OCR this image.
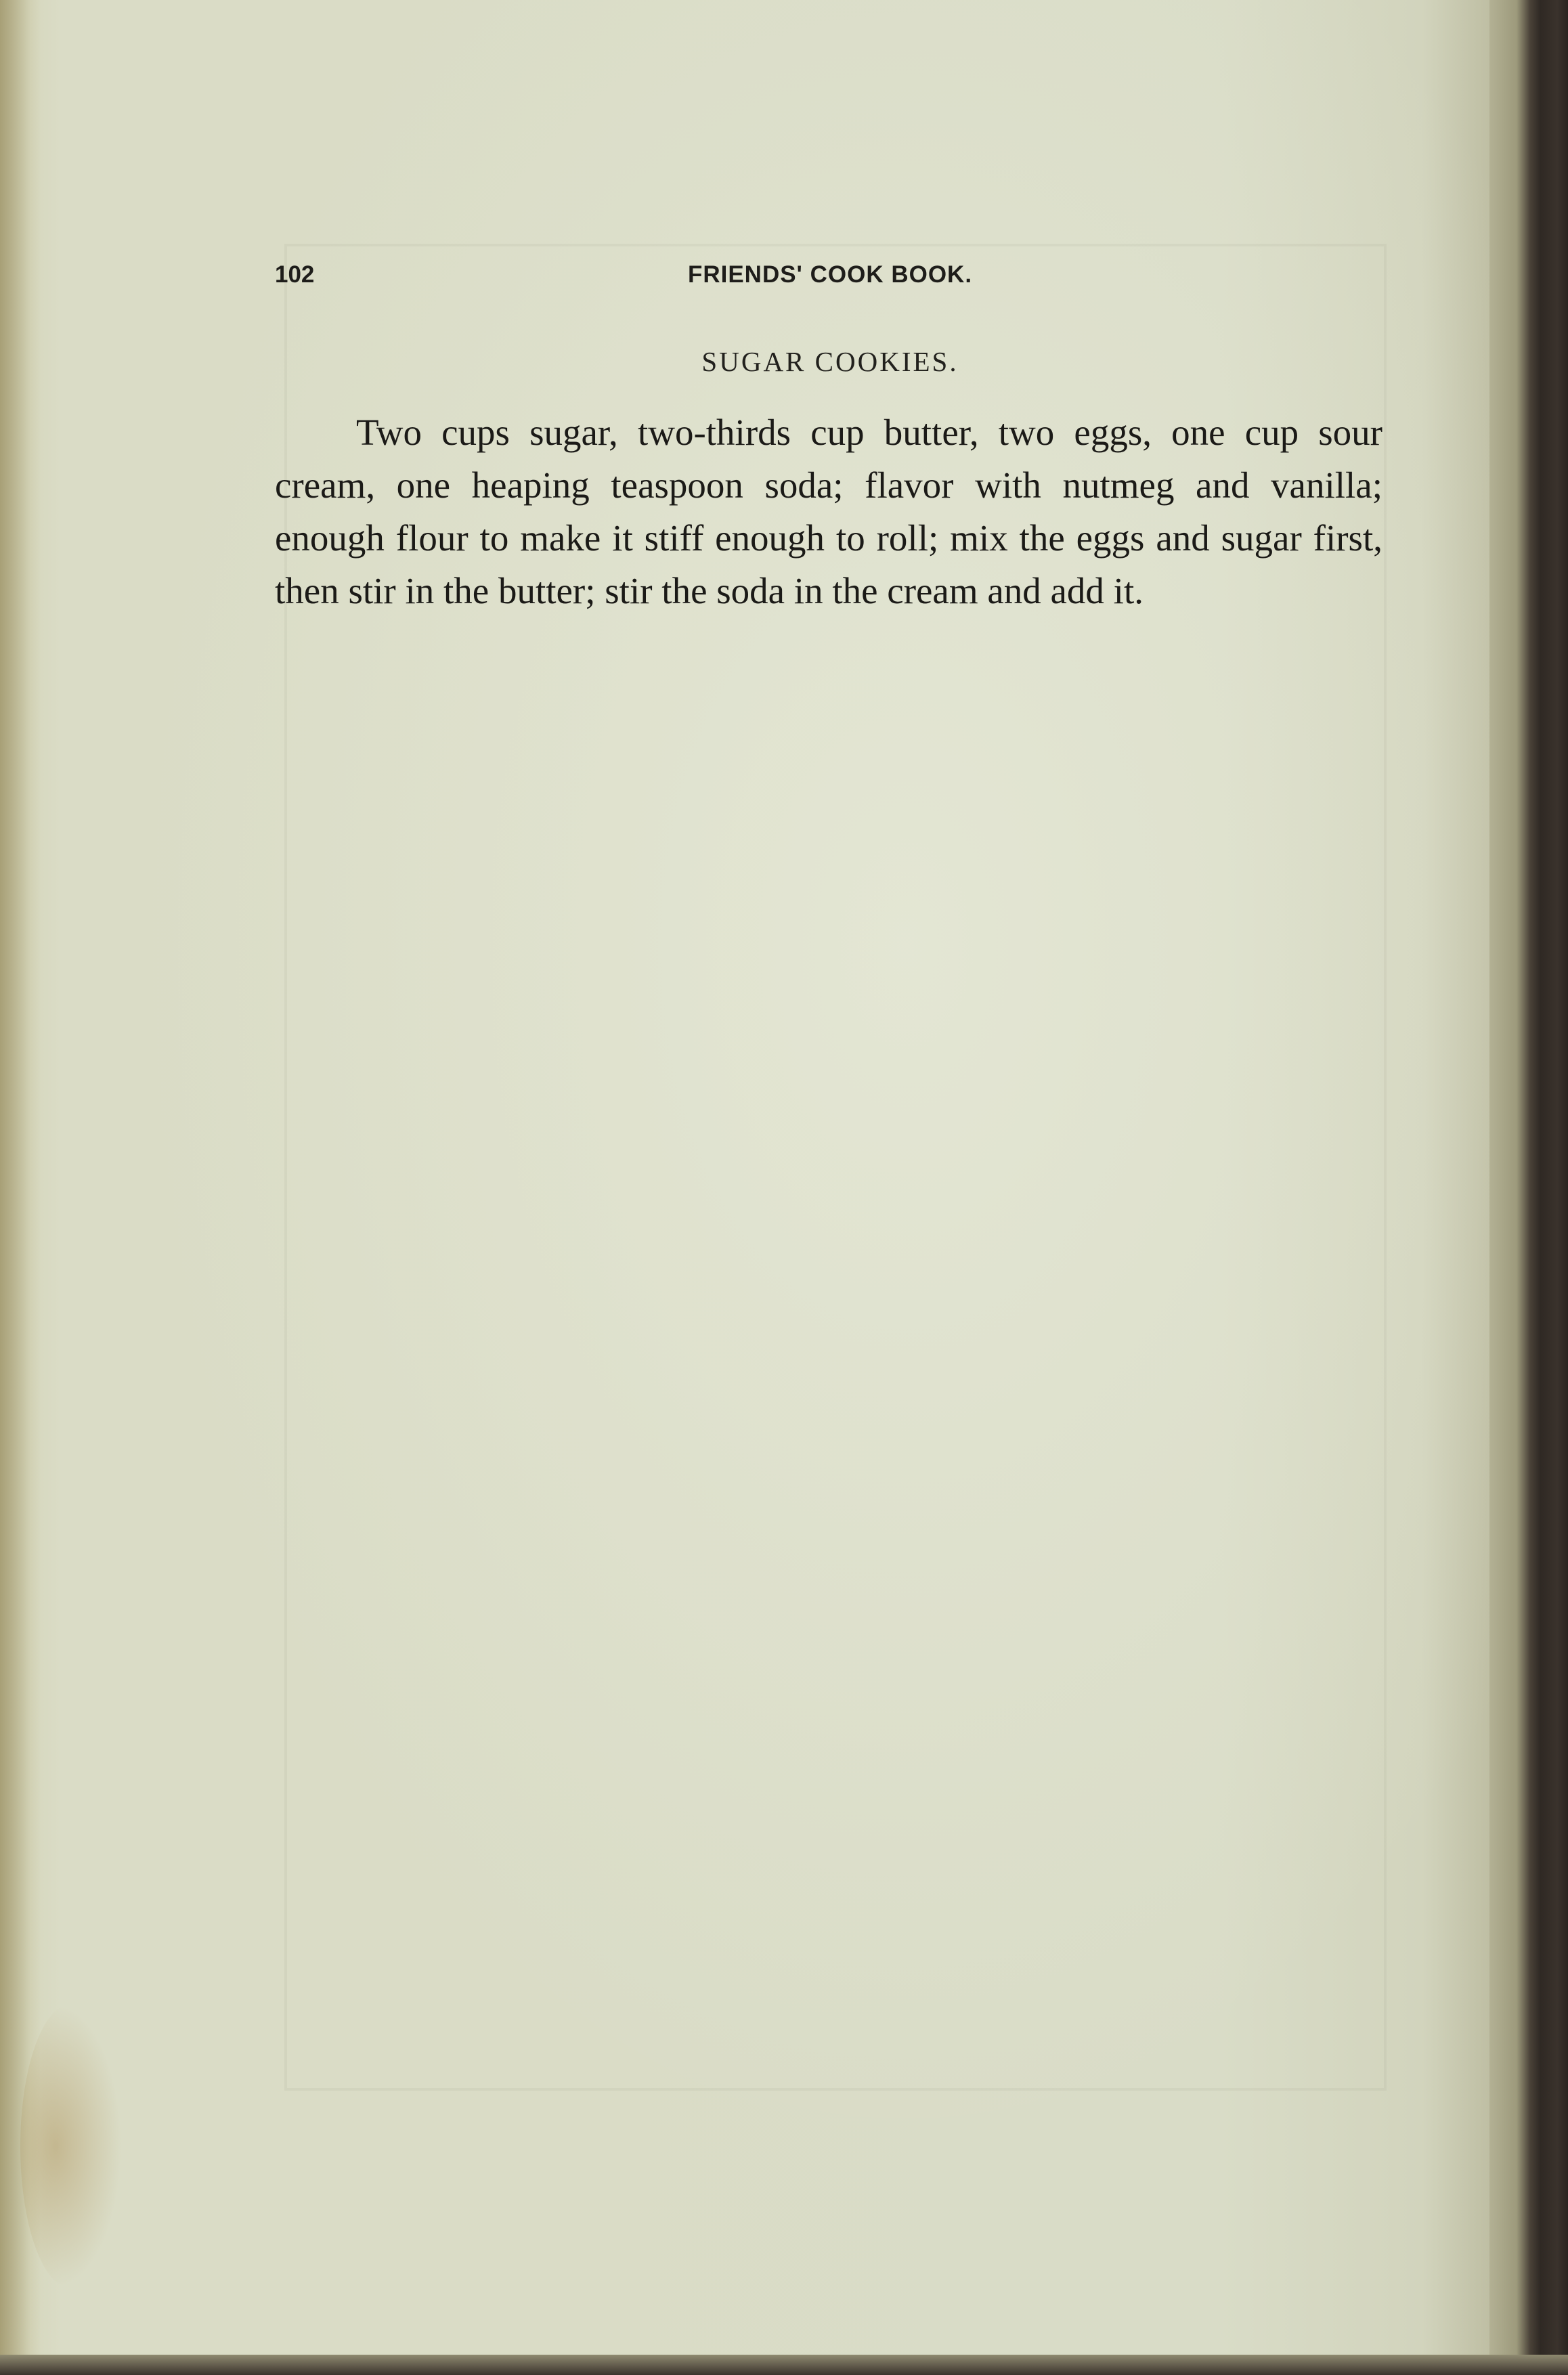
102	FRIENDS' COOK BOOK.
SUGAR COOKIES.

Two cups sugar, two-thirds cup butter, two eggs, one cup sour cream, one heaping teaspoon soda; flavor with nutmeg and vanilla; enough flour to make it stiff enough to roll; mix the eggs and sugar first, then stir in the butter; stir the soda in the cream and add it.
